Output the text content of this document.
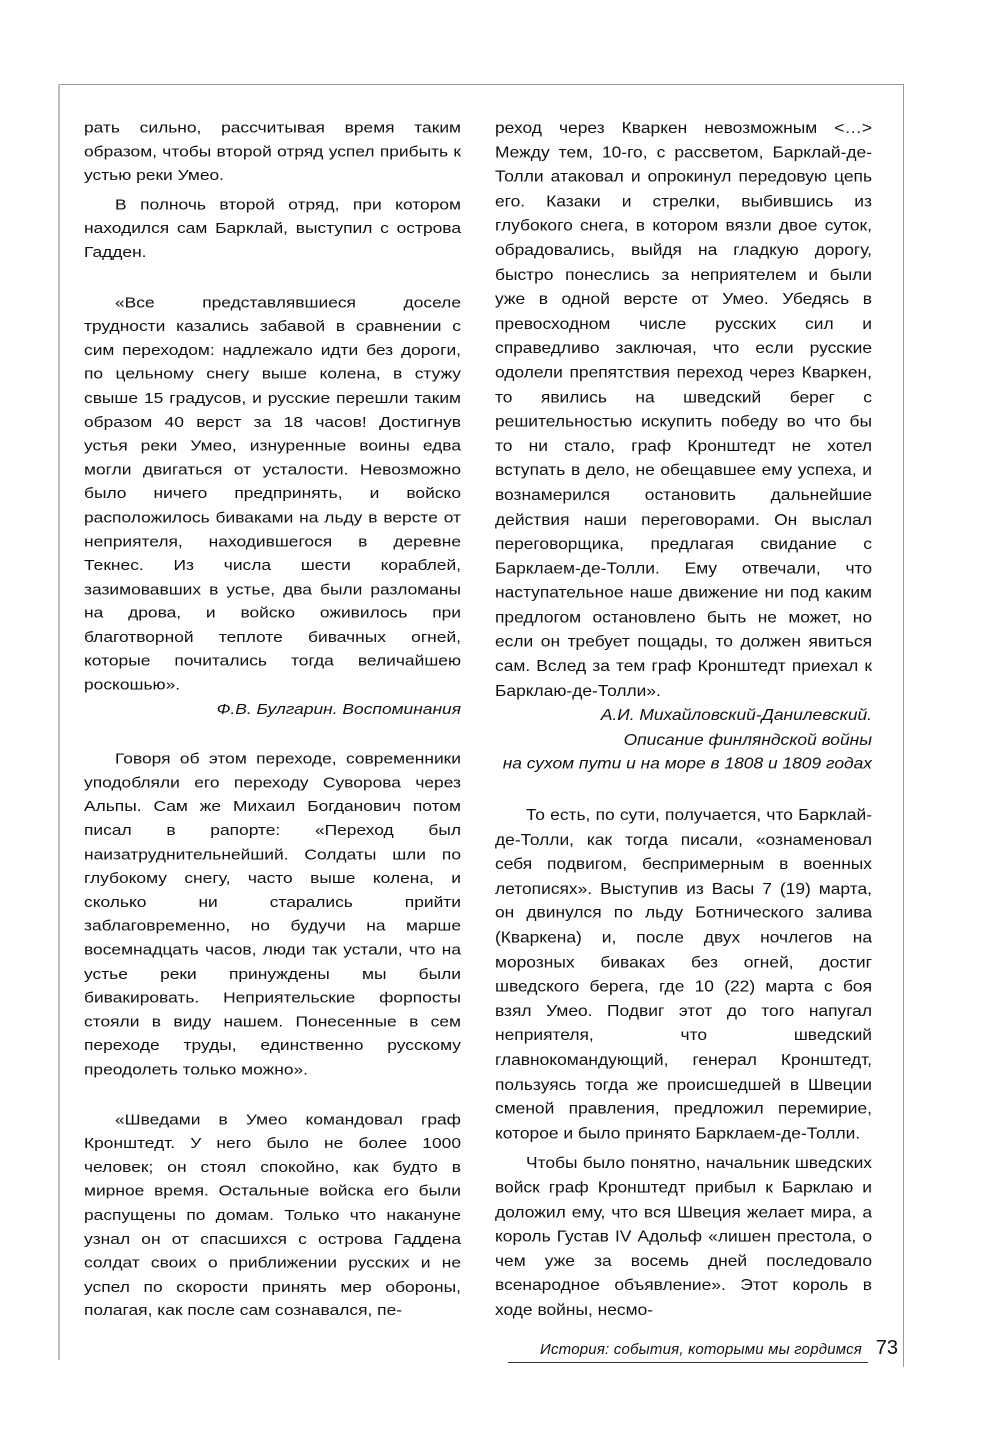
рать сильно, рассчитывая время таким образом, чтобы второй отряд успел прибыть к устью реки Умео.

В полночь второй отряд, при котором находился сам Барклай, выступил с острова Гадден.

«Все представлявшиеся доселе трудности казались забавой в сравнении с сим переходом: надлежало идти без дороги, по цельному снегу выше колена, в стужу свыше 15 градусов, и русские перешли таким образом 40 верст за 18 часов! Достигнув устья реки Умео, изнуренные воины едва могли двигаться от усталости. Невозможно было ничего предпринять, и войско расположилось биваками на льду в версте от неприятеля, находившегося в деревне Текнес. Из числа шести кораблей, зазимовавших в устье, два были разломаны на дрова, и войско оживилось при благотворной теплоте бивачных огней, которые почитались тогда величайшею роскошью».

Ф.В. Булгарин. Воспоминания

Говоря об этом переходе, современники уподобляли его переходу Суворова через Альпы. Сам же Михаил Богданович потом писал в рапорте: «Переход был наизатруднительнейший. Солдаты шли по глубокому снегу, часто выше колена, и сколько ни старались прийти заблаговременно, но будучи на марше восемнадцать часов, люди так устали, что на устье реки принуждены мы были бивакировать. Неприятельские форпосты стояли в виду нашем. Понесенные в сем переходе труды, единственно русскому преодолеть только можно».

«Шведами в Умео командовал граф Кронштедт. У него было не более 1000 человек; он стоял спокойно, как будто в мирное время. Остальные войска его были распущены по домам. Только что накануне узнал он от спасшихся с острова Гаддена солдат своих о приближении русских и не успел по скорости принять мер обороны, полагая, как после сам сознавался, пе-

реход через Кваркен невозможным <…> Между тем, 10-го, с рассветом, Барклай-де-Толли атаковал и опрокинул передовую цепь его. Казаки и стрелки, выбившись из глубокого снега, в котором вязли двое суток, обрадовались, выйдя на гладкую дорогу, быстро понеслись за неприятелем и были уже в одной версте от Умео. Убедясь в превосходном числе русских сил и справедливо заключая, что если русские одолели препятствия переход через Кваркен, то явились на шведский берег с решительностью искупить победу во что бы то ни стало, граф Кронштедт не хотел вступать в дело, не обещавшее ему успеха, и вознамерился остановить дальнейшие действия наши переговорами. Он выслал переговорщика, предлагая свидание с Барклаем-де-Толли. Ему отвечали, что наступательное наше движение ни под каким предлогом остановлено быть не может, но если он требует пощады, то должен явиться сам. Вслед за тем граф Кронштедт приехал к Барклаю-де-Толли».

А.И. Михайловский-Данилевский.

Описание финляндской войны

на сухом пути и на море в 1808 и 1809 годах

То есть, по сути, получается, что Барклай-де-Толли, как тогда писали, «ознаменовал себя подвигом, беспримерным в военных летописях». Выступив из Васы 7 (19) марта, он двинулся по льду Ботнического залива (Кваркена) и, после двух ночлегов на морозных биваках без огней, достиг шведского берега, где 10 (22) марта с боя взял Умео. Подвиг этот до того напугал неприятеля, что шведский главнокомандующий, генерал Кронштедт, пользуясь тогда же происшедшей в Швеции сменой правления, предложил перемирие, которое и было принято Барклаем-де-Толли.

Чтобы было понятно, начальник шведских войск граф Кронштедт прибыл к Барклаю и доложил ему, что вся Швеция желает мира, а король Густав IV Адольф «лишен престола, о чем уже за восемь дней последовало всенародное объявление». Этот король в ходе войны, несмо-

История: события, которыми мы гордимся 73
